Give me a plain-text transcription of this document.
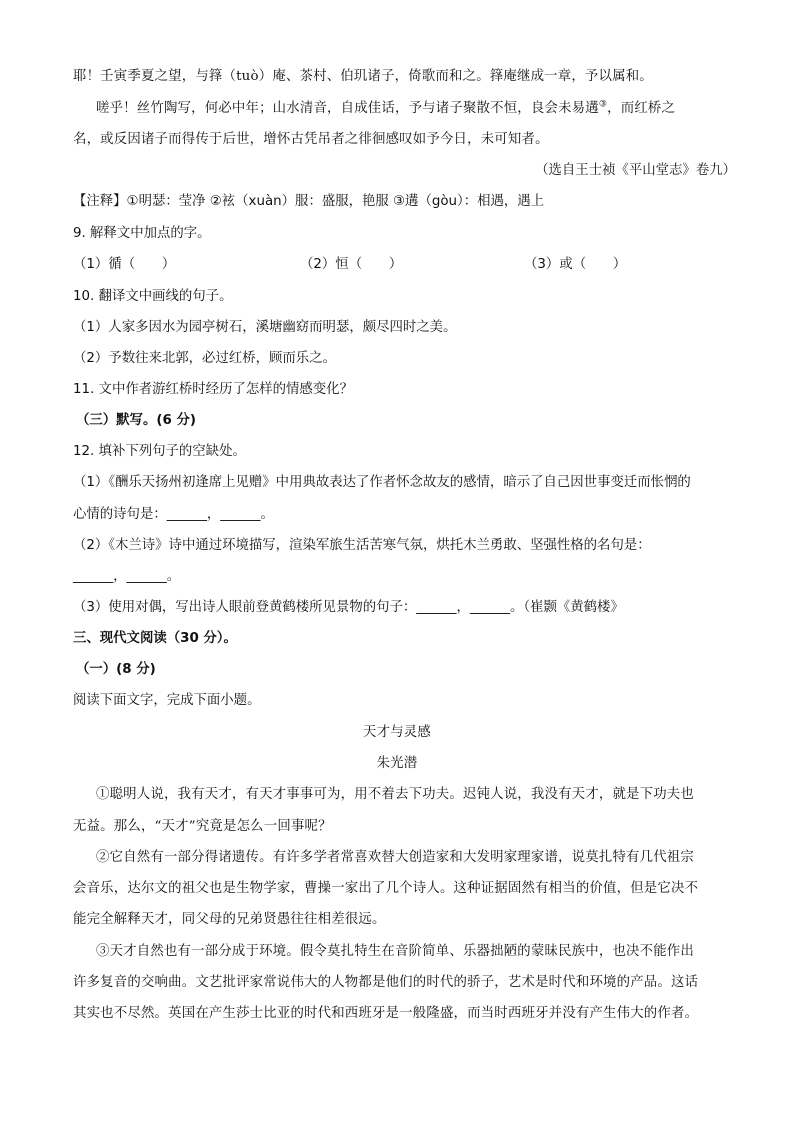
耶！壬寅季夏之望，与箨（tuò）庵、茶村、伯玑诸子，倚歌而和之。箨庵继成一章，予以属和。
嗟乎！丝竹陶写，何必中年；山水清音，自成佳话，予与诸子聚散不恒，良会未易遘③，而红桥之
名，或反因诸子而得传于后世，增怀古凭吊者之徘徊感叹如予今日，未可知者。
（选自王士祯《平山堂志》卷九）
【注释】①明瑟：莹净 ②袨（xuàn）服：盛服，艳服 ③遘（gòu）：相遇，遇上
9. 解释文中加点的字。
（1）循（　　）	（2）恒（　　）	（3）或（　　）
10. 翻译文中画线的句子。
（1）人家多因水为园亭树石，溪塘幽窈而明瑟，颇尽四时之美。
（2）予数往来北郭，必过红桥，顾而乐之。
11. 文中作者游红桥时经历了怎样的情感变化？
（三）默写。(6 分)
12. 填补下列句子的空缺处。
（1）《酬乐天扬州初逢席上见赠》中用典故表达了作者怀念故友的感情，暗示了自己因世事变迁而怅惘的
心情的诗句是：______，______。
（2）《木兰诗》诗中通过环境描写，渲染军旅生活苦寒气氛，烘托木兰勇敢、坚强性格的名句是：
______，______。
（3）使用对偶，写出诗人眼前登黄鹤楼所见景物的句子：______，______。（崔颢《黄鹤楼》
三、现代文阅读（30 分）。
（一）(8 分)
阅读下面文字，完成下面小题。
天才与灵感
朱光潜
①聪明人说，我有天才，有天才事事可为，用不着去下功夫。迟钝人说，我没有天才，就是下功夫也
无益。那么，“天才”究竟是怎么一回事呢？
②它自然有一部分得诸遗传。有许多学者常喜欢替大创造家和大发明家理家谱，说莫扎特有几代祖宗
会音乐，达尔文的祖父也是生物学家，曹操一家出了几个诗人。这种证据固然有相当的价值，但是它决不
能完全解释天才，同父母的兄弟贤愚往往相差很远。
③天才自然也有一部分成于环境。假令莫扎特生在音阶简单、乐器拙陋的蒙昧民族中，也决不能作出
许多复音的交响曲。文艺批评家常说伟大的人物都是他们的时代的骄子，艺术是时代和环境的产品。这话
其实也不尽然。英国在产生莎士比亚的时代和西班牙是一般隆盛，而当时西班牙并没有产生伟大的作者。
